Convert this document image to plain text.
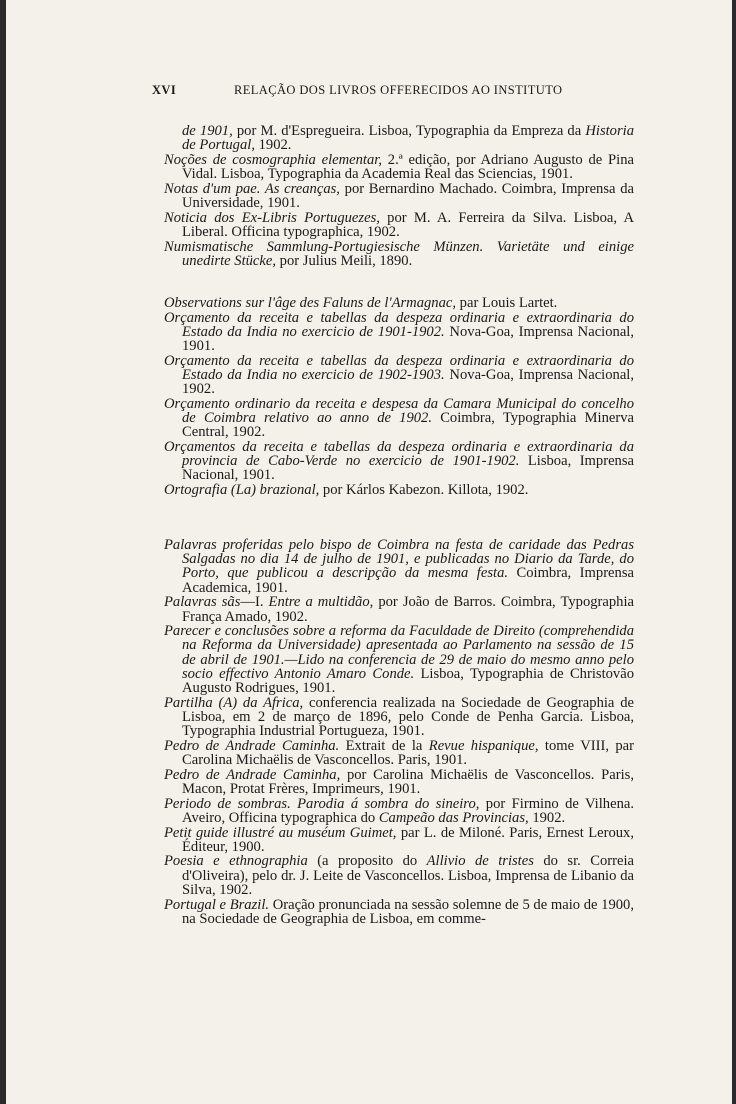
XVI	RELAÇÃO DOS LIVROS OFFERECIDOS AO INSTITUTO

de 1901, por M. d'Espregueira. Lisboa, Typographia da Empreza da Historia de Portugal, 1902.

Noções de cosmographia elementar, 2.ª edição, por Adriano Augusto de Pina Vidal. Lisboa, Typographia da Academia Real das Sciencias, 1901.

Notas d'um pae. As creanças, por Bernardino Machado. Coimbra, Imprensa da Universidade, 1901.

Noticia dos Ex-Libris Portuguezes, por M. A. Ferreira da Silva. Lisboa, A Liberal. Officina typographica, 1902.

Numismatische Sammlung-Portugiesische Münzen. Varietäte und einige unedirte Stücke, por Julius Meili, 1890.

Observations sur l'âge des Faluns de l'Armagnac, par Louis Lartet.

Orçamento da receita e tabellas da despeza ordinaria e extraordinaria do Estado da India no exercicio de 1901-1902. Nova-Goa, Imprensa Nacional, 1901.

Orçamento da receita e tabellas da despeza ordinaria e extraordinaria do Estado da India no exercicio de 1902-1903. Nova-Goa, Imprensa Nacional, 1902.

Orçamento ordinario da receita e despesa da Camara Municipal do concelho de Coimbra relativo ao anno de 1902. Coimbra, Typographia Minerva Central, 1902.

Orçamentos da receita e tabellas da despeza ordinaria e extraordinaria da provincia de Cabo-Verde no exercicio de 1901-1902. Lisboa, Imprensa Nacional, 1901.

Ortografia (La) brazional, por Kárlos Kabezon. Killota, 1902.

Palavras proferidas pelo bispo de Coimbra na festa de caridade das Pedras Salgadas no dia 14 de julho de 1901, e publicadas no Diario da Tarde, do Porto, que publicou a descripção da mesma festa. Coimbra, Imprensa Academica, 1901.

Palavras sãs—I. Entre a multidão, por João de Barros. Coimbra, Typographia França Amado, 1902.

Parecer e conclusões sobre a reforma da Faculdade de Direito (comprehendida na Reforma da Universidade) apresentada ao Parlamento na sessão de 15 de abril de 1901.—Lido na conferencia de 29 de maio do mesmo anno pelo socio effectivo Antonio Amaro Conde. Lisboa, Typographia de Christovão Augusto Rodrigues, 1901.

Partilha (A) da Africa, conferencia realizada na Sociedade de Geographia de Lisboa, em 2 de março de 1896, pelo Conde de Penha Garcia. Lisboa, Typographia Industrial Portugueza, 1901.

Pedro de Andrade Caminha. Extrait de la Revue hispanique, tome VIII, par Carolina Michaëlis de Vasconcellos. Paris, 1901.

Pedro de Andrade Caminha, por Carolina Michaëlis de Vasconcellos. Paris, Macon, Protat Frères, Imprimeurs, 1901.

Periodo de sombras. Parodia á sombra do sineiro, por Firmino de Vilhena. Aveiro, Officina typographica do Campeão das Provincias, 1902.

Petit guide illustré au muséum Guimet, par L. de Miloné. Paris, Ernest Leroux, Éditeur, 1900.

Poesia e ethnographia (a proposito do Allivio de tristes do sr. Correia d'Oliveira), pelo dr. J. Leite de Vasconcellos. Lisboa, Imprensa de Libanio da Silva, 1902.

Portugal e Brazil. Oração pronunciada na sessão solemne de 5 de maio de 1900, na Sociedade de Geographia de Lisboa, em comme-
